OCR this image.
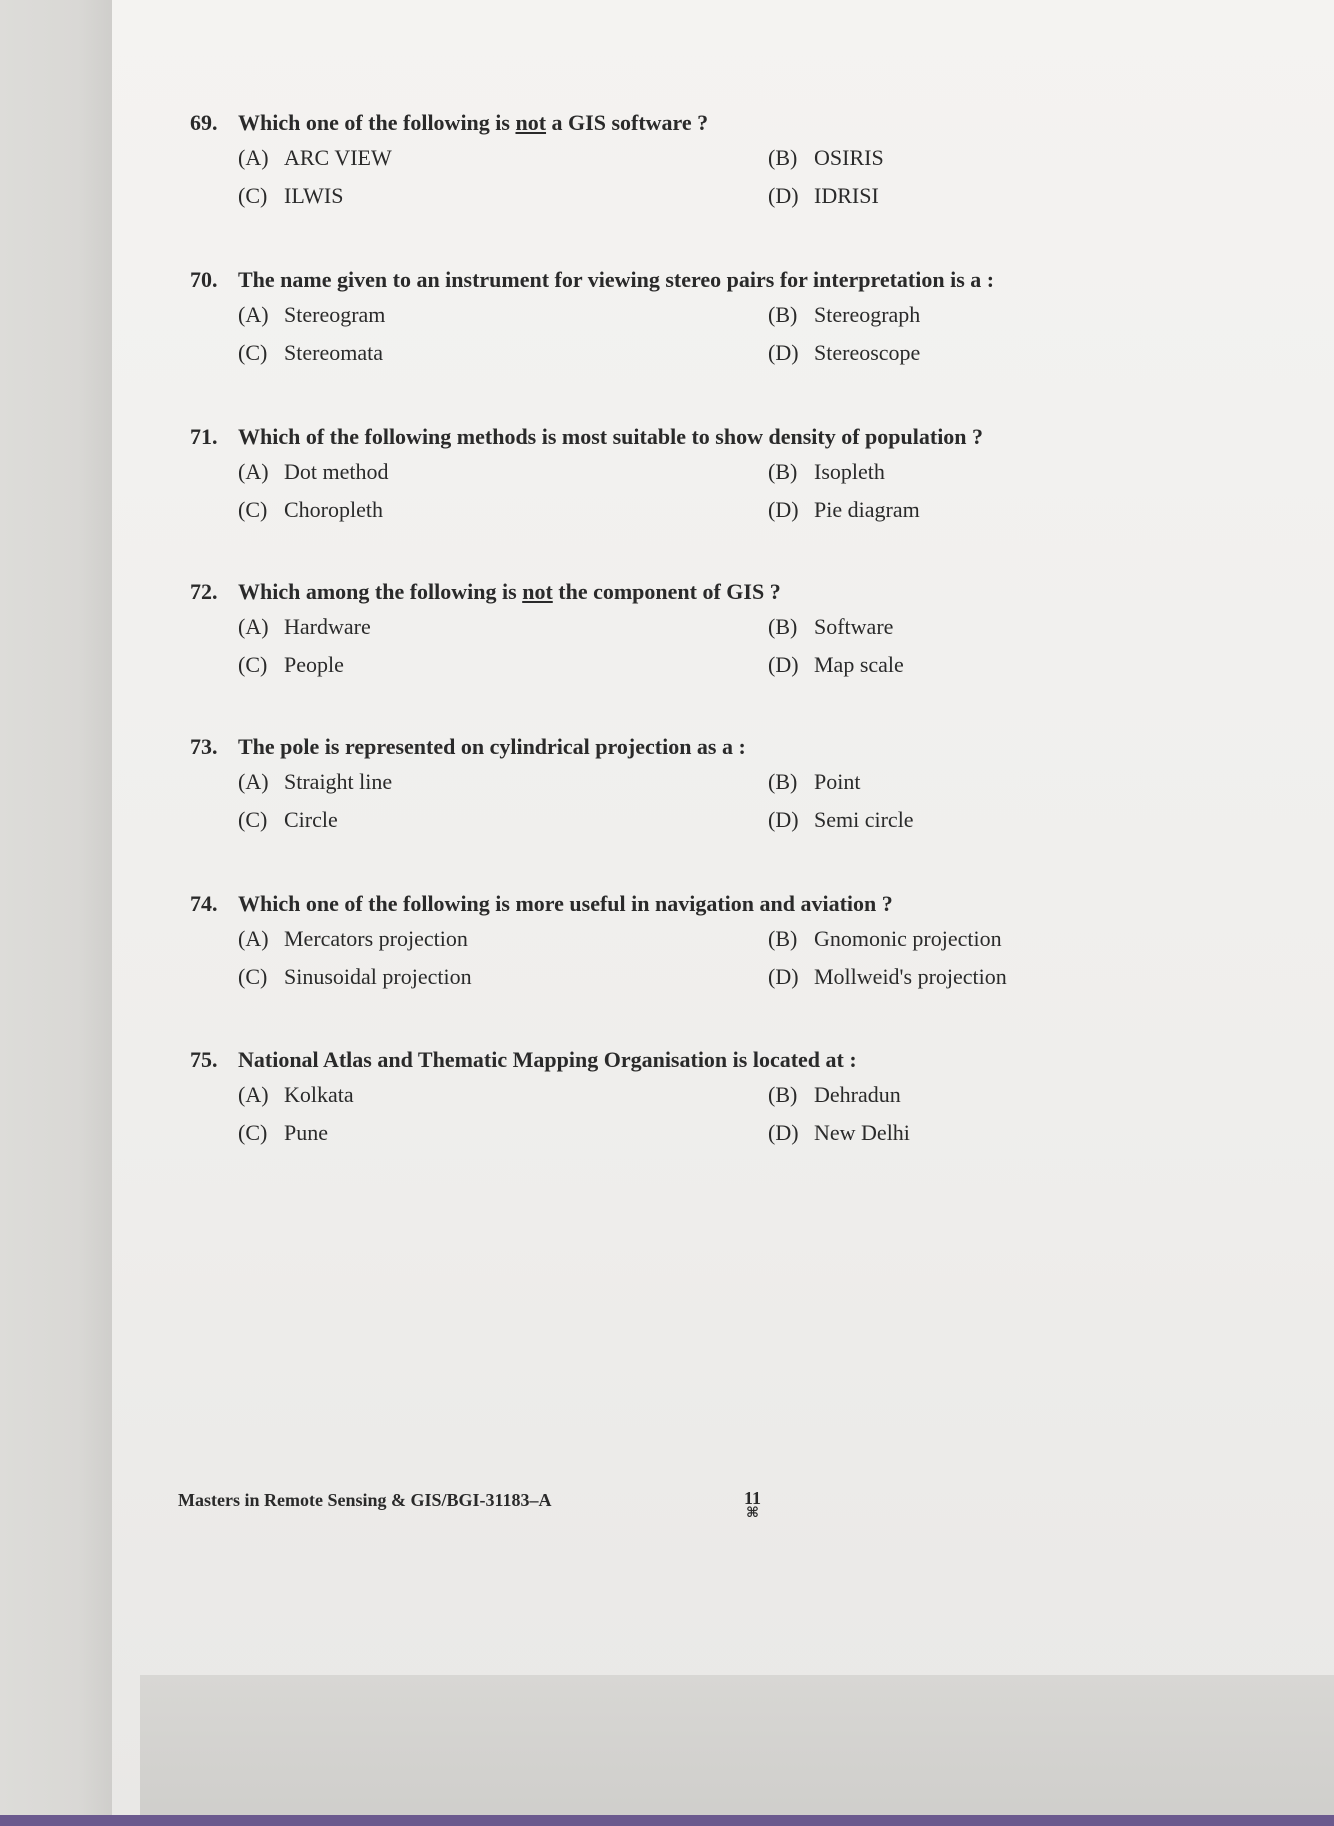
69. Which one of the following is not a GIS software ?
(A) ARC VIEW	(B) OSIRIS
(C) ILWIS	(D) IDRISI
70. The name given to an instrument for viewing stereo pairs for interpretation is a :
(A) Stereogram	(B) Stereograph
(C) Stereomata	(D) Stereoscope
71. Which of the following methods is most suitable to show density of population ?
(A) Dot method	(B) Isopleth
(C) Choropleth	(D) Pie diagram
72. Which among the following is not the component of GIS ?
(A) Hardware	(B) Software
(C) People	(D) Map scale
73. The pole is represented on cylindrical projection as a :
(A) Straight line	(B) Point
(C) Circle	(D) Semi circle
74. Which one of the following is more useful in navigation and aviation ?
(A) Mercators projection	(B) Gnomonic projection
(C) Sinusoidal projection	(D) Mollweid's projection
75. National Atlas and Thematic Mapping Organisation is located at :
(A) Kolkata	(B) Dehradun
(C) Pune	(D) New Delhi
Masters in Remote Sensing & GIS/BGI-31183–A	11
⌘
